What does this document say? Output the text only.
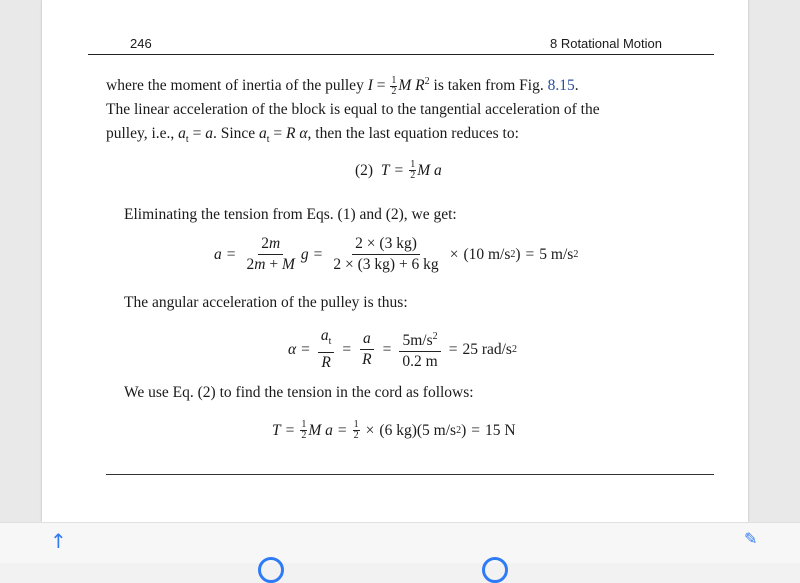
246	8 Rotational Motion
where the moment of inertia of the pulley $I = \frac{1}{2}$ M $R^2$ is taken from Fig. 8.15.
The linear acceleration of the block is equal to the tangential acceleration of the
pulley, i.e., $a_t = a$. Since $a_t = R$ α, then the last equation reduces to:
(2)
$T = \frac{1}{2}$ M a
Eliminating the tension from Eqs. (1) and (2), we get:
$a = \frac{2m}{2m + M}$ $g = \frac{2 \times (3 kg)}{2 \times (3 kg) + 6 kg} \times (10$ m/s 2 ) = 5 m/s 2
The angular acceleration of the pulley is thus:
$\alpha = \frac{a_t}{R} = \frac{a}{R} = \frac{5m/s^2}{0.2 m} = 25$ rad/s 2
We use Eq. (2) to find the tension in the cord as follows:
$T = \frac{1}{2}$ M $a = \frac{1}{2} \times (6$ kg)(5 m/s 2 ) = 15 N
↑	✎
